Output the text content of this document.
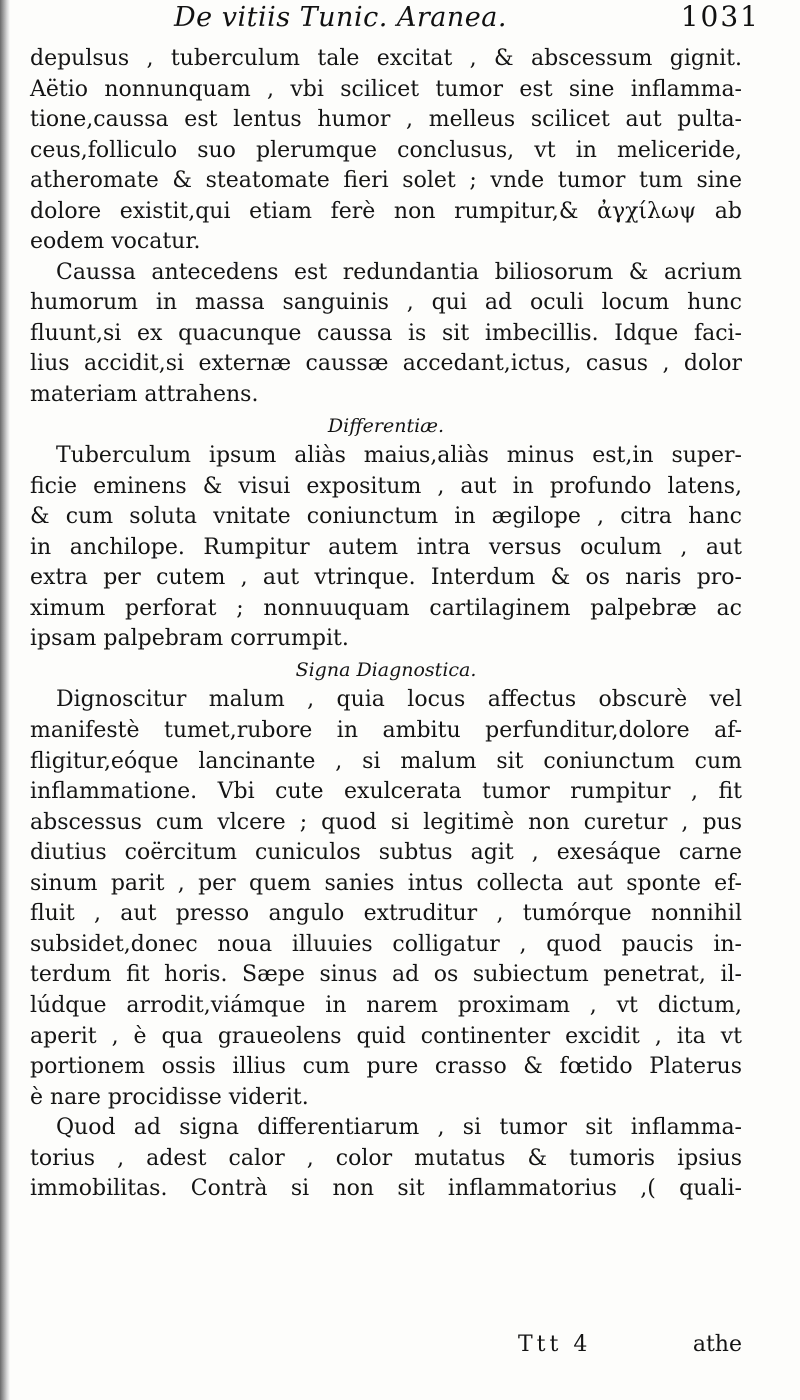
De vitiis Tunic. Aranea.	1031
depulsus , tuberculum tale excitat , & abscessum gignit.
Aëtio nonnunquam , vbi scilicet tumor est sine inflamma-
tione,caussa est lentus humor , melleus scilicet aut pulta-
ceus,folliculo suo plerumque conclusus, vt in meliceride,
atheromate & steatomate fieri solet ; vnde tumor tum sine
dolore existit,qui etiam ferè non rumpitur,& ἀγχίλωψ ab
eodem vocatur.
Caussa antecedens est redundantia biliosorum & acrium
humorum in massa sanguinis , qui ad oculi locum hunc
fluunt,si ex quacunque caussa is sit imbecillis. Idque faci-
lius accidit,si externæ caussæ accedant,ictus, casus , dolor
materiam attrahens.
Differentiæ.
Tuberculum ipsum aliàs maius,aliàs minus est,in super-
ficie eminens & visui expositum , aut in profundo latens,
& cum soluta vnitate coniunctum in ægilope , citra hanc
in anchilope. Rumpitur autem intra versus oculum , aut
extra per cutem , aut vtrinque. Interdum & os naris pro-
ximum perforat ; nonnuuquam cartilaginem palpebræ ac
ipsam palpebram corrumpit.
Signa Diagnostica.
Dignoscitur malum , quia locus affectus obscurè vel
manifestè tumet,rubore in ambitu perfunditur,dolore af-
fligitur,eóque lancinante , si malum sit coniunctum cum
inflammatione. Vbi cute exulcerata tumor rumpitur , fit
abscessus cum vlcere ; quod si legitimè non curetur , pus
diutius coërcitum cuniculos subtus agit , exesáque carne
sinum parit , per quem sanies intus collecta aut sponte ef-
fluit , aut presso angulo extruditur , tumórque nonnihil
subsidet,donec noua illuuies colligatur , quod paucis in-
terdum fit horis. Sæpe sinus ad os subiectum penetrat, il-
lúdque arrodit,viámque in narem proximam , vt dictum,
aperit , è qua graueolens quid continenter excidit , ita vt
portionem ossis illius cum pure crasso & fœtido Platerus
è nare procidisse viderit.
Quod ad signa differentiarum , si tumor sit inflamma-
torius , adest calor , color mutatus & tumoris ipsius
immobilitas. Contrà si non sit inflammatorius ,( quali-
Ttt 4	athe
